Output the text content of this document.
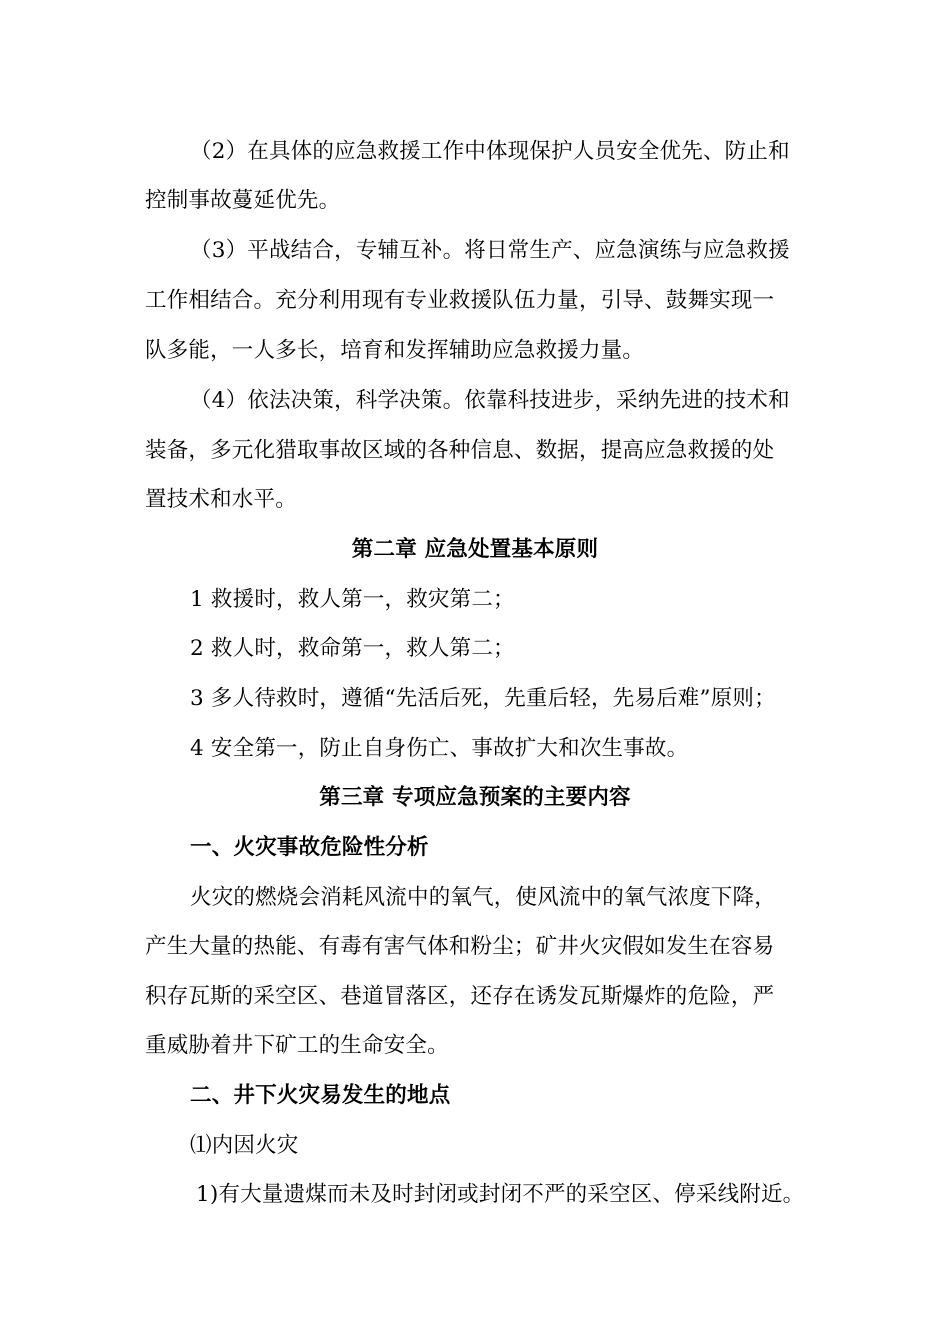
（2）在具体的应急救援工作中体现保护人员安全优先、防止和
控制事故蔓延优先。
（3）平战结合，专辅互补。将日常生产、应急演练与应急救援
工作相结合。充分利用现有专业救援队伍力量，引导、鼓舞实现一
队多能，一人多长，培育和发挥辅助应急救援力量。
（4）依法决策，科学决策。依靠科技进步，采纳先进的技术和
装备，多元化猎取事故区域的各种信息、数据，提高应急救援的处
置技术和水平。
第二章 应急处置基本原则
1 救援时，救人第一，救灾第二；
2 救人时，救命第一，救人第二；
3 多人待救时，遵循“先活后死，先重后轻，先易后难”原则；
4 安全第一，防止自身伤亡、事故扩大和次生事故。
第三章 专项应急预案的主要内容
一、火灾事故危险性分析
火灾的燃烧会消耗风流中的氧气，使风流中的氧气浓度下降，
产生大量的热能、有毒有害气体和粉尘；矿井火灾假如发生在容易
积存瓦斯的采空区、巷道冒落区，还存在诱发瓦斯爆炸的危险，严
重威胁着井下矿工的生命安全。
二、井下火灾易发生的地点
⑴内因火灾
1)有大量遗煤而未及时封闭或封闭不严的采空区、停采线附近。
